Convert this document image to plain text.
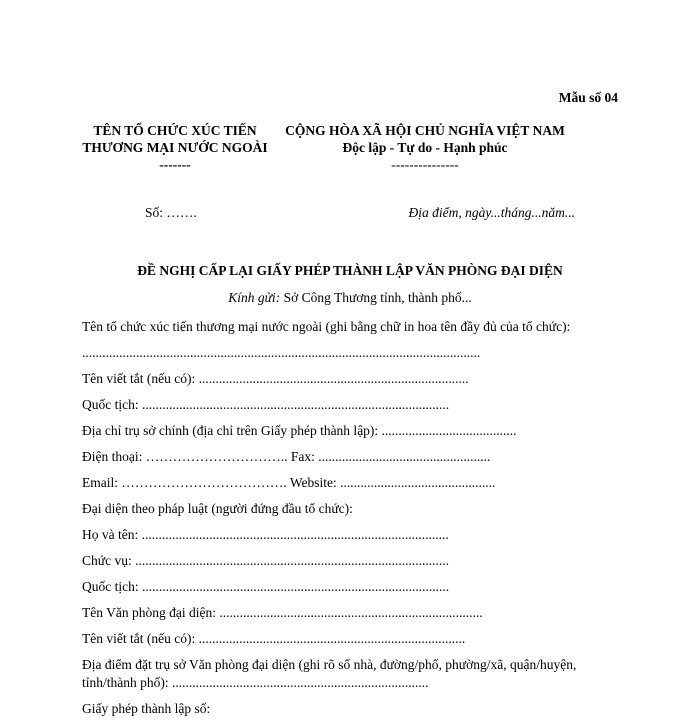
Mẫu số 04
TÊN TỔ CHỨC XÚC TIẾN THƯƠNG MẠI NƯỚC NGOÀI
-------
CỘNG HÒA XÃ HỘI CHỦ NGHĨA VIỆT NAM
Độc lập - Tự do - Hạnh phúc
---------------
Số: …….	Địa điểm, ngày...tháng...năm...
ĐỀ NGHỊ CẤP LẠI GIẤY PHÉP THÀNH LẬP VĂN PHÒNG ĐẠI DIỆN
Kính gửi: Sở Công Thương tỉnh, thành phố...
Tên tổ chức xúc tiến thương mại nước ngoài (ghi bằng chữ in hoa tên đầy đủ của tổ chức):
......................................................................................................................
Tên viết tắt (nếu có): ................................................................................
Quốc tịch: ...........................................................................................
Địa chỉ trụ sở chính (địa chỉ trên Giấy phép thành lập): ........................................
Điện thoại: ………………………….. Fax: ...................................................
Email: ………………………………. Website: ..............................................
Đại diện theo pháp luật (người đứng đầu tổ chức):
Họ và tên: ...........................................................................................
Chức vụ: .............................................................................................
Quốc tịch: ...........................................................................................
Tên Văn phòng đại diện: ..............................................................................
Tên viết tắt (nếu có): ...............................................................................
Địa điểm đặt trụ sở Văn phòng đại diện (ghi rõ số nhà, đường/phố, phường/xã, quận/huyện, tỉnh/thành phố): ............................................................................
Giấy phép thành lập số:
